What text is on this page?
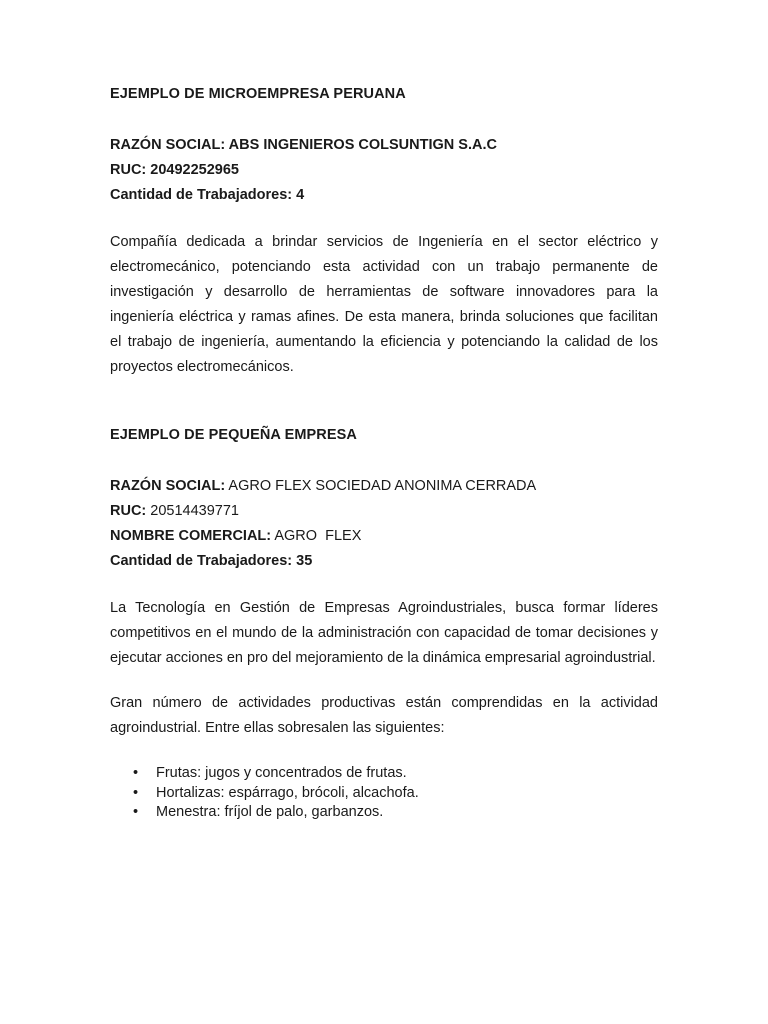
EJEMPLO DE MICROEMPRESA PERUANA

RAZÓN SOCIAL: ABS INGENIEROS COLSUNTIGN S.A.C

RUC: 20492252965

Cantidad de Trabajadores: 4

Compañía dedicada a brindar servicios de Ingeniería en el sector eléctrico y electromecánico, potenciando esta actividad con un trabajo permanente de investigación y desarrollo de herramientas de software innovadores para la ingeniería eléctrica y ramas afines. De esta manera, brinda soluciones que facilitan el trabajo de ingeniería, aumentando la eficiencia y potenciando la calidad de los proyectos electromecánicos.

EJEMPLO DE PEQUEÑA EMPRESA

RAZÓN SOCIAL: AGRO FLEX SOCIEDAD ANONIMA CERRADA

RUC: 20514439771

NOMBRE COMERCIAL: AGRO  FLEX

Cantidad de Trabajadores: 35

La Tecnología en Gestión de Empresas Agroindustriales, busca formar líderes competitivos en el mundo de la administración con capacidad de tomar decisiones y ejecutar acciones en pro del mejoramiento de la dinámica empresarial agroindustrial.

Gran número de actividades productivas están comprendidas en la actividad agroindustrial. Entre ellas sobresalen las siguientes:

• Frutas: jugos y concentrados de frutas.
• Hortalizas: espárrago, brócoli, alcachofa.
• Menestra: fríjol de palo, garbanzos.
